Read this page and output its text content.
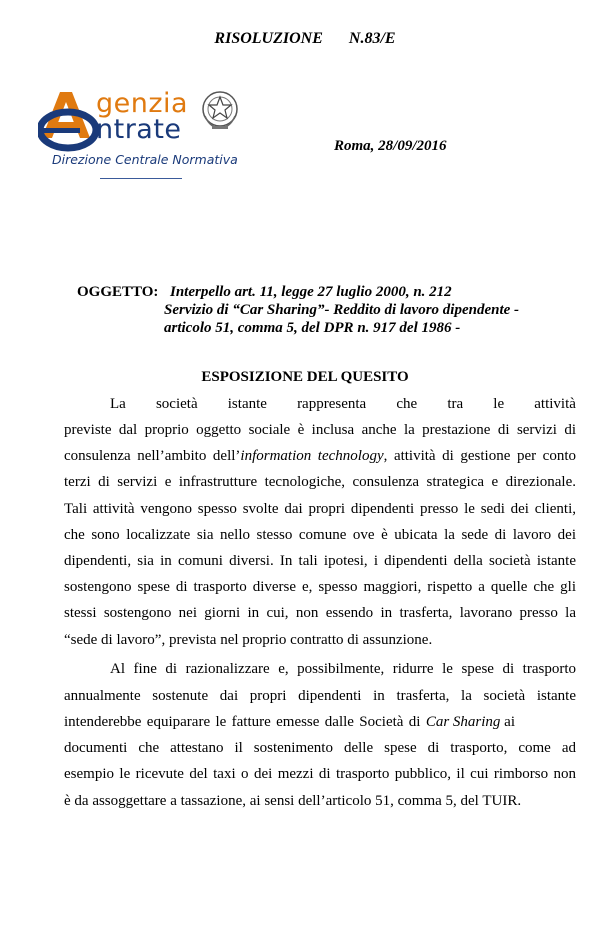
RISOLUZIONE N.83/E
genzia
ntrate
Direzione Centrale Normativa
Roma, 28/09/2016
OGGETTO: Interpello art. 11, legge 27 luglio 2000, n. 212
Servizio di “Car Sharing”- Reddito di lavoro dipendente -
articolo 51, comma 5, del DPR n. 917 del 1986 -
ESPOSIZIONE DEL QUESITO
La società istante rappresenta che tra le attività
previste dal proprio oggetto sociale è inclusa anche la prestazione di servizi di
consulenza nell’ambito dell’information technology, attività di gestione per conto
terzi di servizi e infrastrutture tecnologiche, consulenza strategica e direzionale.
Tali attività vengono spesso svolte dai propri dipendenti presso le sedi dei clienti,
che sono localizzate sia nello stesso comune ove è ubicata la sede di lavoro dei
dipendenti, sia in comuni diversi. In tali ipotesi, i dipendenti della società istante
sostengono spese di trasporto diverse e, spesso maggiori, rispetto a quelle che gli
stessi sostengono nei giorni in cui, non essendo in trasferta, lavorano presso la
“sede di lavoro”, prevista nel proprio contratto di assunzione.
Al fine di razionalizzare e, possibilmente, ridurre le spese di trasporto
annualmente sostenute dai propri dipendenti in trasferta, la società istante
intenderebbe equiparare le fatture emesse dalle Società di Car Sharing ai
documenti che attestano il sostenimento delle spese di trasporto, come ad
esempio le ricevute del taxi o dei mezzi di trasporto pubblico, il cui rimborso non
è da assoggettare a tassazione, ai sensi dell’articolo 51, comma 5, del TUIR.
